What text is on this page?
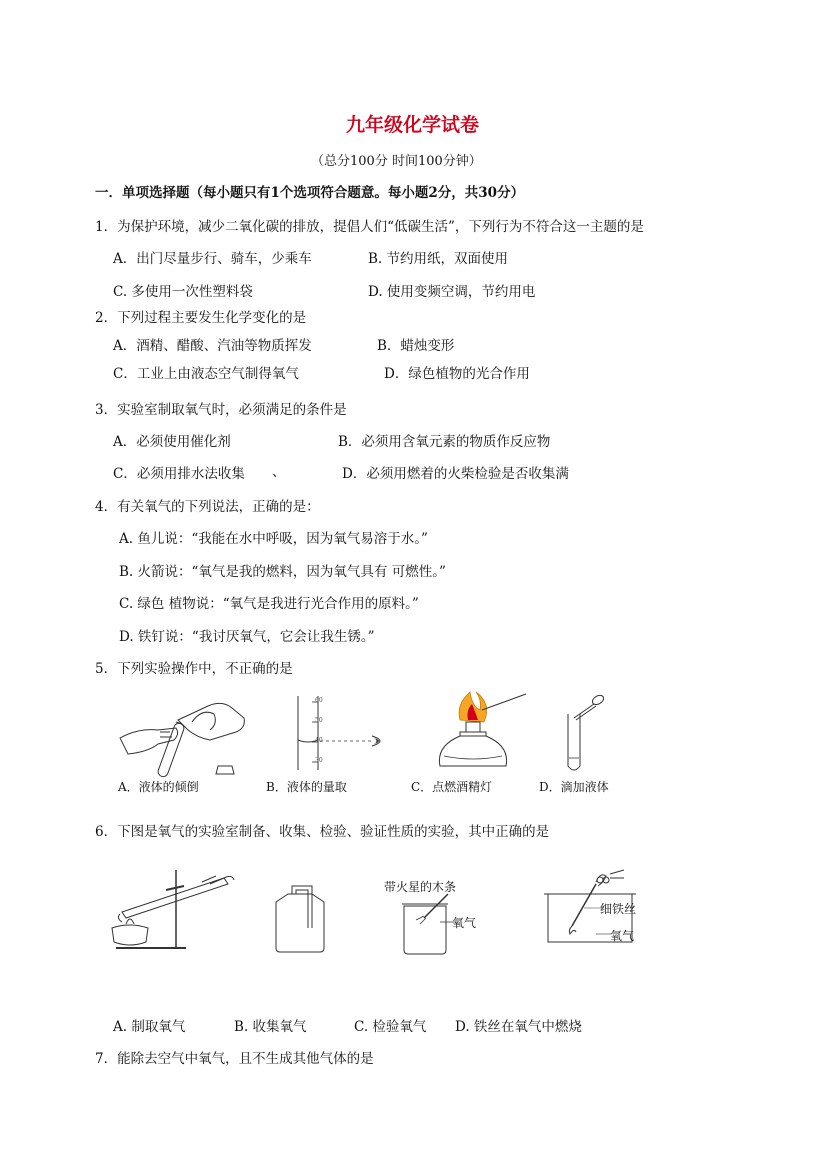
九年级化学试卷
（总分100分 时间100分钟）
一．单项选择题（每小题只有1个选项符合题意。每小题2分，共30分）
1．为保护环境，减少二氧化碳的排放，提倡人们“低碳生活”，下列行为不符合这一主题的是
A．出门尽量步行、骑车，少乘车	B. 节约用纸，双面使用
C. 多使用一次性塑料袋	D. 使用变频空调，节约用电
2．下列过程主要发生化学变化的是
A．酒精、醋酸、汽油等物质挥发	B．蜡烛变形
C．工业上由液态空气制得氧气	D．绿色植物的光合作用
3．实验室制取氧气时，必须满足的条件是
A．必须使用催化剂	B．必须用含氧元素的物质作反应物
C．必须用排水法收集 、	D．必须用燃着的火柴检验是否收集满
4．有关氧气的下列说法，正确的是：
A. 鱼儿说：“我能在水中呼吸，因为氧气易溶于水。”
B. 火箭说：“氧气是我的燃料，因为氧气具有 可燃性。”
C. 绿色 植物说：“氧气是我进行光合作用的原料。”
D. 铁钉说：“我讨厌氧气，它会让我生锈。”
5．下列实验操作中，不正确的是
60
50
40
30
A．液体的倾倒	B．液体的量取	C．点燃酒精灯	D．滴加液体
6．下图是氧气的实验室制备、收集、检验、验证性质的实验，其中正确的是
带火星的木条
氧气
细铁丝
氧气
A. 制取氧气	B. 收集氧气	C. 检验氧气 D. 铁丝在氧气中燃烧
7．能除去空气中氧气，且不生成其他气体的是
